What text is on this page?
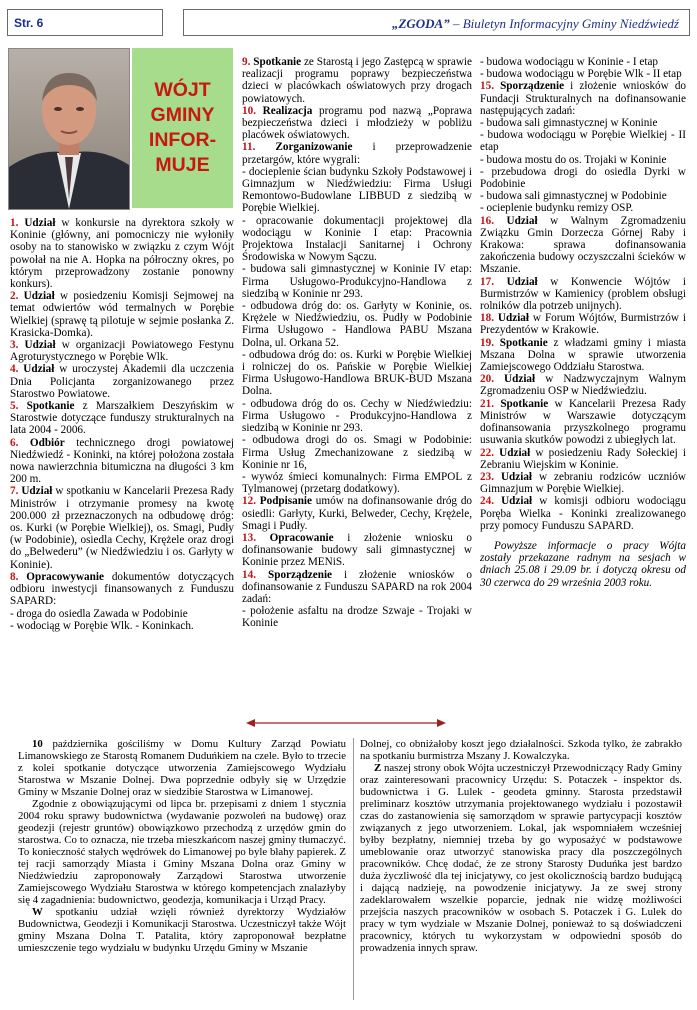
Str. 6	„ZGODA” – Biuletyn Informacyjny Gminy Niedźwiedź
WÓJT
GMINY
INFOR-
MUJE

1. Udział w konkursie na dyrektora szkoły w Koninie (główny, ani pomocniczy nie wyłoniły osoby na to stanowisko w związku z czym Wójt powołał na nie A. Hopka na półroczny okres, po którym przeprowadzony zostanie ponowny konkurs).

2. Udział w posiedzeniu Komisji Sejmowej na temat odwiertów wód termalnych w Porębie Wielkiej (sprawę tą pilotuje w sejmie posłanka Z. Krasicka-Domka).

3. Udział w organizacji Powiatowego Festynu Agroturystycznego w Porębie Wlk.

4. Udział w uroczystej Akademii dla uczczenia Dnia Policjanta zorganizowanego przez Starostwo Powiatowe.

5. Spotkanie z Marszałkiem Deszyńskim w Starostwie dotyczące funduszy strukturalnych na lata 2004 - 2006.

6. Odbiór technicznego drogi powiatowej Niedźwiedź - Koninki, na której położona została nowa nawierzchnia bitumiczna na długości 3 km 200 m.

7. Udział w spotkaniu w Kancelarii Prezesa Rady Ministrów i otrzymanie promesy na kwotę 200.000 zł przeznaczonych na odbudowę dróg: os. Kurki (w Porębie Wielkiej), os. Smagi, Pudły (w Podobinie), osiedla Cechy, Krężele oraz drogi do „Belwederu” (w Niedźwiedziu i os. Garłyty w Koninie).

8. Opracowywanie dokumentów dotyczących odbioru inwestycji finansowanych z Funduszu SAPARD:

- droga do osiedla Zawada w Podobinie

- wodociąg w Porębie Wlk. - Koninkach.

9. Spotkanie ze Starostą i jego Zastępcą w sprawie realizacji programu poprawy bezpieczeństwa dzieci w placówkach oświatowych przy drogach powiatowych.

10. Realizacja programu pod nazwą „Poprawa bezpieczeństwa dzieci i młodzieży w pobliżu placówek oświatowych.

11. Zorganizowanie i przeprowadzenie przetargów, które wygrali:

- docieplenie ścian budynku Szkoły Podstawowej i Gimnazjum w Niedźwiedziu: Firma Usługi Remontowo-Budowlane LIBBUD z siedzibą w Porębie Wielkiej.

- opracowanie dokumentacji projektowej dla wodociągu w Koninie I etap: Pracownia Projektowa Instalacji Sanitarnej i Ochrony Środowiska w Nowym Sączu.

- budowa sali gimnastycznej w Koninie IV etap: Firma Usługowo-Produkcyjno-Handlowa z siedzibą w Koninie nr 293.

- odbudowa dróg do: os. Garłyty w Koninie, os. Krężele w Niedźwiedziu, os. Pudły w Podobinie Firma Usługowo - Handlowa PABU Mszana Dolna, ul. Orkana 52.

- odbudowa dróg do: os. Kurki w Porębie Wielkiej i rolniczej do os. Pańskie w Porębie Wielkiej Firma Usługowo-Handlowa BRUK-BUD Mszana Dolna.

- odbudowa dróg do os. Cechy w Niedźwiedziu: Firma Usługowo - Produkcyjno-Handlowa z siedzibą w Koninie nr 293.

- odbudowa drogi do os. Smagi w Podobinie: Firma Usług Zmechanizowane z siedzibą w Koninie nr 16,

- wywóz śmieci komunalnych: Firma EMPOL z Tylmanowej (przetarg dodatkowy).

12. Podpisanie umów na dofinansowanie dróg do osiedli: Garłyty, Kurki, Belweder, Cechy, Krężele, Smagi i Pudły.

13. Opracowanie i złożenie wniosku o dofinansowanie budowy sali gimnastycznej w Koninie przez MENiS.

14. Sporządzenie i złożenie wniosków o dofinansowanie z Funduszu SAPARD na rok 2004 zadań:

- położenie asfaltu na drodze Szwaje - Trojaki w Koninie

- budowa wodociągu w Koninie - I etap

- budowa wodociągu w Porębie Wlk - II etap

15. Sporządzenie i złożenie wniosków do Fundacji Strukturalnych na dofinansowanie następujących zadań:

- budowa sali gimnastycznej w Koninie

- budowa wodociągu w Porębie Wielkiej - II etap

- budowa mostu do os. Trojaki w Koninie

- przebudowa drogi do osiedla Dyrki w Podobinie

- budowa sali gimnastycznej w Podobinie

- ocieplenie budynku remizy OSP.

16. Udział w Walnym Zgromadzeniu Związku Gmin Dorzecza Górnej Raby i Krakowa: sprawa dofinansowania zakończenia budowy oczyszczalni ścieków w Mszanie.

17. Udział w Konwencie Wójtów i Burmistrzów w Kamienicy (problem obsługi rolników dla potrzeb unijnych).

18. Udział w Forum Wójtów, Burmistrzów i Prezydentów w Krakowie.

19. Spotkanie z władzami gminy i miasta Mszana Dolna w sprawie utworzenia Zamiejscowego Oddziału Starostwa.

20. Udział w Nadzwyczajnym Walnym Zgromadzeniu OSP w Niedźwiedziu.

21. Spotkanie w Kancelarii Prezesa Rady Ministrów w Warszawie dotyczącym dofinansowania przyszkolnego programu usuwania skutków powodzi z ubiegłych lat.

22. Udział w posiedzeniu Rady Sołeckiej i Zebraniu Wiejskim w Koninie.

23. Udział w zebraniu rodziców uczniów Gimnazjum w Porębie Wielkiej.

24. Udział w komisji odbioru wodociągu Poręba Wielka - Koninki zrealizowanego przy pomocy Funduszu SAPARD.

Powyższe informacje o pracy Wójta zostały przekazane radnym na sesjach w dniach 25.08 i 29.09 br. i dotyczą okresu od 30 czerwca do 29 września 2003 roku.

10 października gościliśmy w Domu Kultury Zarząd Powiatu Limanowskiego ze Starostą Romanem Duduńkiem na czele. Było to trzecie z kolei spotkanie dotyczące utworzenia Zamiejscowego Wydziału Starostwa w Mszanie Dolnej. Dwa poprzednie odbyły się w Urzędzie Gminy w Mszanie Dolnej oraz w siedzibie Starostwa w Limanowej.

Zgodnie z obowiązującymi od lipca br. przepisami z dniem 1 stycznia 2004 roku sprawy budownictwa (wydawanie pozwoleń na budowę) oraz geodezji (rejestr gruntów) obowiązkowo przechodzą z urzędów gmin do starostwa. Co to oznacza, nie trzeba mieszkańcom naszej gminy tłumaczyć. To konieczność stałych wędrówek do Limanowej po byle błahy papierek. Z tej racji samorządy Miasta i Gminy Mszana Dolna oraz Gminy w Niedźwiedziu zaproponowały Zarządowi Starostwa utworzenie Zamiejscowego Wydziału Starostwa w którego kompetencjach znalazłyby się 4 zagadnienia: budownictwo, geodezja, komunikacja i Urząd Pracy.

W spotkaniu udział wzięli również dyrektorzy Wydziałów Budownictwa, Geodezji i Komunikacji Starostwa. Uczestniczył także Wójt gminy Mszana Dolna T. Patalita, który zaproponował bezpłatne umieszczenie tego wydziału w budynku Urzędu Gminy w Mszanie

Dolnej, co obniżałoby koszt jego działalności. Szkoda tylko, że zabrakło na spotkaniu burmistrza Mszany J. Kowalczyka.

Z naszej strony obok Wójta uczestniczył Przewodniczący Rady Gminy oraz zainteresowani pracownicy Urzędu: S. Potaczek - inspektor ds. budownictwa i G. Lulek - geodeta gminny. Starosta przedstawił preliminarz kosztów utrzymania projektowanego wydziału i pozostawił czas do zastanowienia się samorządom w sprawie partycypacji kosztów związanych z jego utworzeniem. Lokal, jak wspomniałem wcześniej byłby bezpłatny, niemniej trzeba by go wyposażyć w podstawowe umeblowanie oraz utworzyć stanowiska pracy dla poszczególnych pracowników. Chcę dodać, że ze strony Starosty Duduńka jest bardzo duża życzliwość dla tej inicjatywy, co jest okolicznością bardzo budującą i dającą nadzieję, na powodzenie inicjatywy. Ja ze swej strony zadeklarowałem wszelkie poparcie, jednak nie widzę możliwości przejścia naszych pracowników w osobach S. Potaczek i G. Lulek do pracy w tym wydziale w Mszanie Dolnej, ponieważ to są doświadczeni pracownicy, których tu wykorzystam w odpowiedni sposób do prowadzenia innych spraw.
